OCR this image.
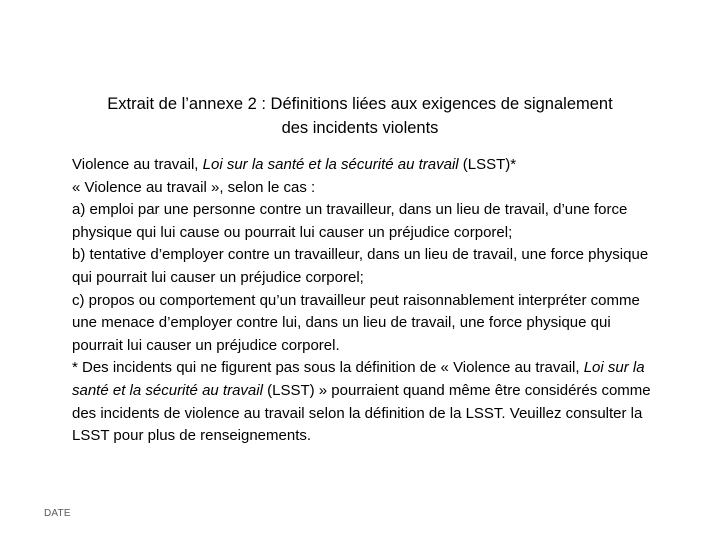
Extrait de l’annexe 2 : Définitions liées aux exigences de signalement
des incidents violents

Violence au travail, Loi sur la santé et la sécurité au travail (LSST)*

« Violence au travail », selon le cas :

a) emploi par une personne contre un travailleur, dans un lieu de travail, d’une force physique qui lui cause ou pourrait lui causer un préjudice corporel;

b) tentative d’employer contre un travailleur, dans un lieu de travail, une force physique qui pourrait lui causer un préjudice corporel;

c) propos ou comportement qu’un travailleur peut raisonnablement interpréter comme une menace d’employer contre lui, dans un lieu de travail, une force physique qui pourrait lui causer un préjudice corporel.

* Des incidents qui ne figurent pas sous la définition de « Violence au travail, Loi sur la santé et la sécurité au travail (LSST) » pourraient quand même être considérés comme des incidents de violence au travail selon la définition de la LSST. Veuillez consulter la LSST pour plus de renseignements.

DATE
